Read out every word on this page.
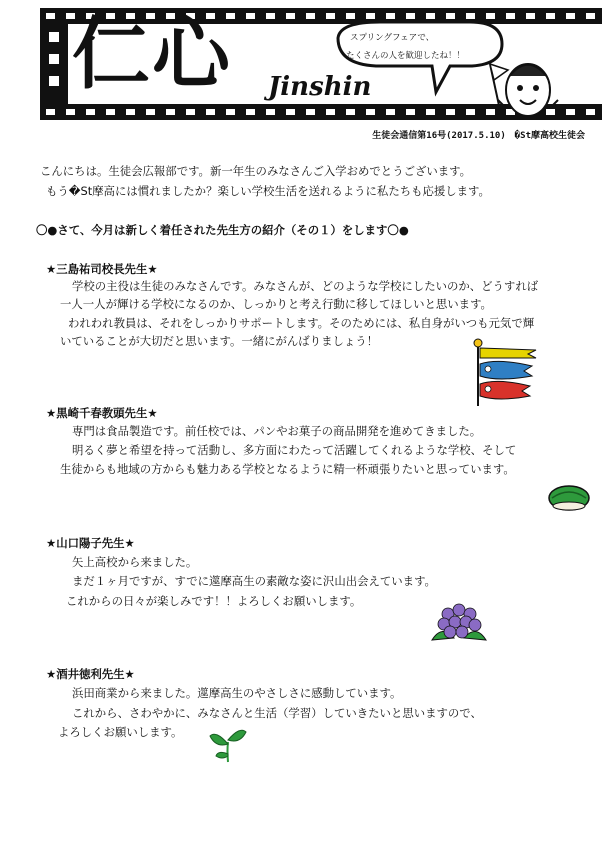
仁心 Jinshin
スプリングフェアで、
たくさんの人を歓迎したね！！
生徒会通信第16号(2017.5.10)　�St摩高校生徒会
こんにちは。生徒会広報部です。新一年生のみなさんご入学おめでとうございます。
もう�St摩高には慣れましたか？楽しい学校生活を送れるように私たちも応援します。
〇●さて、今月は新しく着任された先生方の紹介（その１）をします〇●
★三島祐司校長先生★
学校の主役は生徒のみなさんです。みなさんが、どのような学校にしたいのか、どうすれば
一人一人が輝ける学校になるのか、しっかりと考え行動に移してほしいと思います。
われわれ教員は、それをしっかりサポートします。そのためには、私自身がいつも元気で輝
いていることが大切だと思います。一緒にがんばりましょう！
★黒崎千春教頭先生★
専門は食品製造です。前任校では、パンやお菓子の商品開発を進めてきました。
明るく夢と希望を持って活動し、多方面にわたって活躍してくれるような学校、そして
生徒からも地域の方からも魅力ある学校となるように精一杯頑張りたいと思っています。
★山口陽子先生★
矢上高校から来ました。
まだ１ヶ月ですが、すでに遾摩高生の素敵な姿に沢山出会えています。
これからの日々が楽しみです！！よろしくお願いします。
★酒井徳利先生★
浜田商業から来ました。遾摩高生のやさしさに感動しています。
これから、さわやかに、みなさんと生活（学習）していきたいと思いますので、
よろしくお願いします。
